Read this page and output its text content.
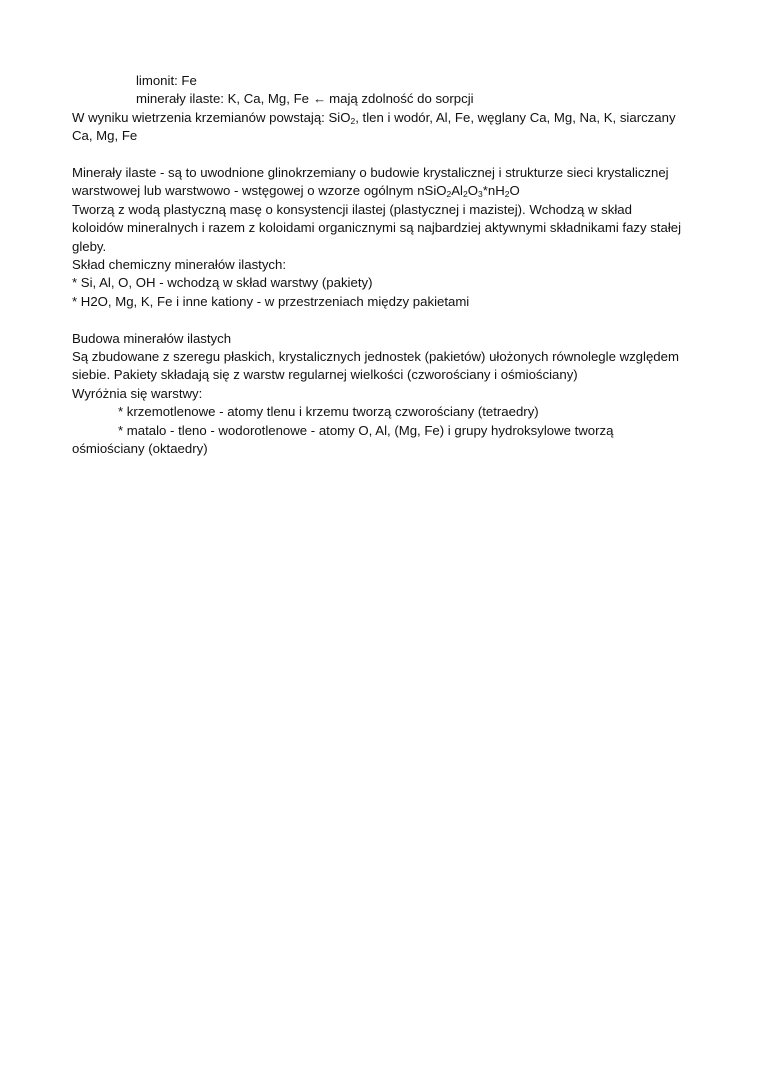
limonit: Fe

minerały ilaste: K, Ca, Mg, Fe ← mają zdolność do sorpcji

W wyniku wietrzenia krzemianów powstają: SiO$_2$, tlen i wodór, Al, Fe, węglany Ca, Mg, Na, K, siarczany Ca, Mg, Fe

Minerały ilaste - są to uwodnione glinokrzemiany o budowie krystalicznej i strukturze sieci krystalicznej warstwowej lub warstwowo - wstęgowej o wzorze ogólnym $nSiO_2Al_2O_3*nH_2O$

Tworzą z wodą plastyczną masę o konsystencji ilastej (plastycznej i mazistej). Wchodzą w skład koloidów mineralnych i razem z koloidami organicznymi są najbardziej aktywnymi składnikami fazy stałej gleby.

Skład chemiczny minerałów ilastych:

* Si, Al, O, OH - wchodzą w skład warstwy (pakiety)

* H2O, Mg, K, Fe i inne kationy - w przestrzeniach między pakietami

Budowa minerałów ilastych

Są zbudowane z szeregu płaskich, krystalicznych jednostek (pakietów) ułożonych równolegle względem siebie. Pakiety składają się z warstw regularnej wielkości (czworościany i ośmiościany)

Wyróżnia się warstwy:

* krzemotlenowe - atomy tlenu i krzemu tworzą czworościany (tetraedry)

* matalo - tleno - wodorotlenowe - atomy O, Al, (Mg, Fe) i grupy hydroksylowe tworzą

ośmiościany (oktaedry)
